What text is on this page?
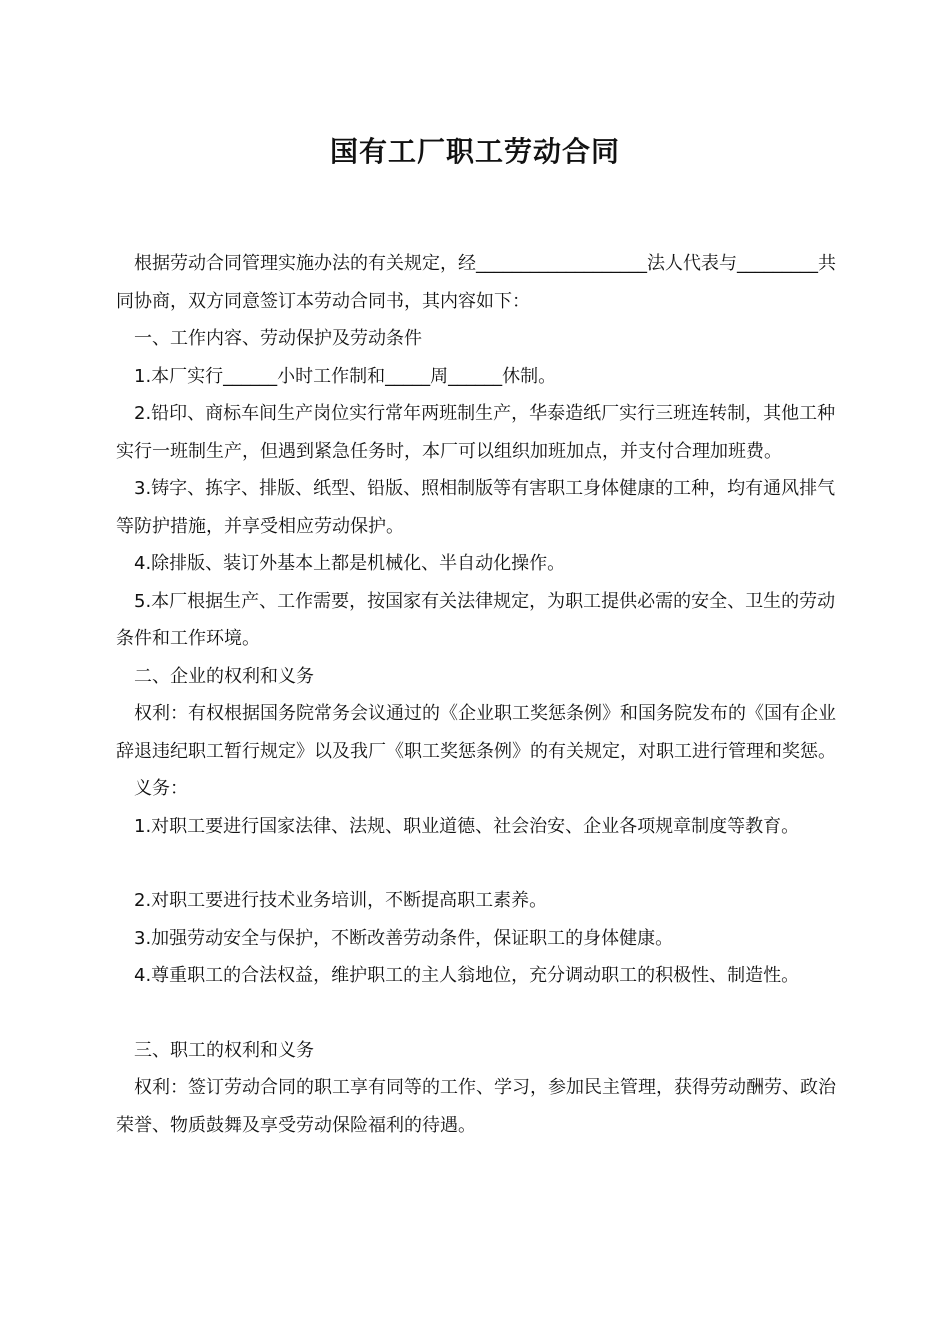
国有工厂职工劳动合同

根据劳动合同管理实施办法的有关规定，经___________________法人代表与_________共同协商，双方同意签订本劳动合同书，其内容如下：

一、工作内容、劳动保护及劳动条件

1.本厂实行______小时工作制和_____周______休制。

2.铅印、商标车间生产岗位实行常年两班制生产，华泰造纸厂实行三班连转制，其他工种实行一班制生产，但遇到紧急任务时，本厂可以组织加班加点，并支付合理加班费。

3.铸字、拣字、排版、纸型、铅版、照相制版等有害职工身体健康的工种，均有通风排气等防护措施，并享受相应劳动保护。

4.除排版、装订外基本上都是机械化、半自动化操作。

5.本厂根据生产、工作需要，按国家有关法律规定，为职工提供必需的安全、卫生的劳动条件和工作环境。

二、企业的权利和义务

权利：有权根据国务院常务会议通过的《企业职工奖惩条例》和国务院发布的《国有企业辞退违纪职工暂行规定》以及我厂《职工奖惩条例》的有关规定，对职工进行管理和奖惩。

义务：

1.对职工要进行国家法律、法规、职业道德、社会治安、企业各项规章制度等教育。

2.对职工要进行技术业务培训，不断提高职工素养。

3.加强劳动安全与保护，不断改善劳动条件，保证职工的身体健康。

4.尊重职工的合法权益，维护职工的主人翁地位，充分调动职工的积极性、制造性。

三、职工的权利和义务

权利：签订劳动合同的职工享有同等的工作、学习，参加民主管理，获得劳动酬劳、政治荣誉、物质鼓舞及享受劳动保险福利的待遇。
